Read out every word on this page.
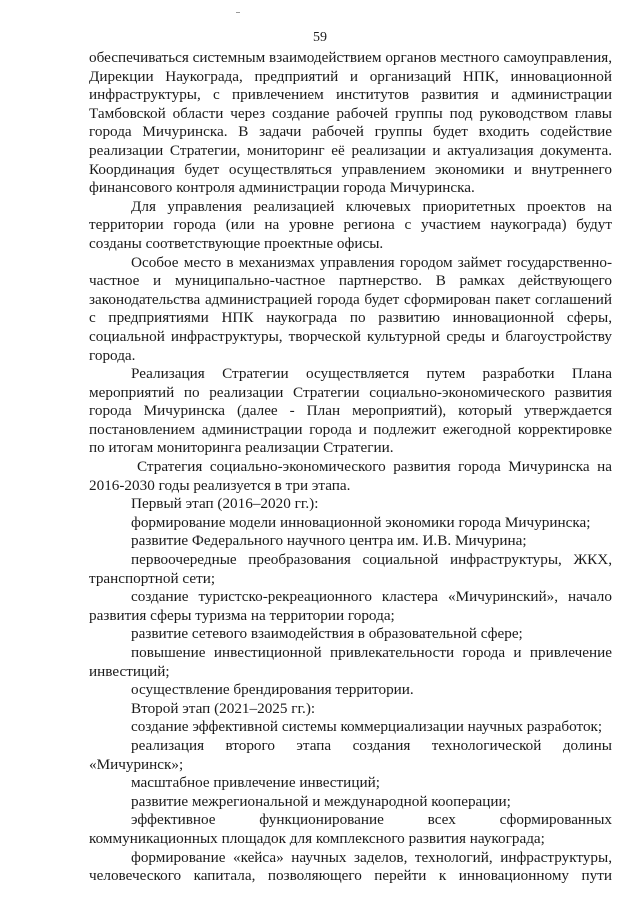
59

обеспечиваться системным взаимодействием органов местного самоуправления, Дирекции Наукограда, предприятий и организаций НПК, инновационной инфраструктуры, с привлечением институтов развития и администрации Тамбовской области через создание рабочей группы под руководством главы города Мичуринска. В задачи рабочей группы будет входить содействие реализации Стратегии, мониторинг её реализации и актуализация документа. Координация будет осуществляться управлением экономики и внутреннего финансового контроля администрации города Мичуринска.

Для управления реализацией ключевых приоритетных проектов на территории города (или на уровне региона с участием наукограда) будут созданы соответствующие проектные офисы.

Особое место в механизмах управления городом займет государственно-частное и муниципально-частное партнерство. В рамках действующего законодательства администрацией города будет сформирован пакет соглашений с предприятиями НПК наукограда по развитию инновационной сферы, социальной инфраструктуры, творческой культурной среды и благоустройству города.

Реализация Стратегии осуществляется путем разработки Плана мероприятий по реализации Стратегии социально-экономического развития города Мичуринска (далее - План мероприятий), который утверждается постановлением администрации города и подлежит ежегодной корректировке по итогам мониторинга реализации Стратегии.

Стратегия социально-экономического развития города Мичуринска на 2016-2030 годы реализуется в три этапа.

Первый этап (2016–2020 гг.):

формирование модели инновационной экономики города Мичуринска;

развитие Федерального научного центра им. И.В. Мичурина;

первоочередные преобразования социальной инфраструктуры, ЖКХ, транспортной сети;

создание туристско-рекреационного кластера «Мичуринский», начало развития сферы туризма на территории города;

развитие сетевого взаимодействия в образовательной сфере;

повышение инвестиционной привлекательности города и привлечение инвестиций;

осуществление брендирования территории.

Второй этап (2021–2025 гг.):

создание эффективной системы коммерциализации научных разработок;

реализация второго этапа создания технологической долины «Мичуринск»;

масштабное привлечение инвестиций;

развитие межрегиональной и международной кооперации;

эффективное функционирование всех сформированных коммуникационных площадок для комплексного развития наукограда;

формирование «кейса» научных заделов, технологий, инфраструктуры, человеческого капитала, позволяющего перейти к инновационному пути
